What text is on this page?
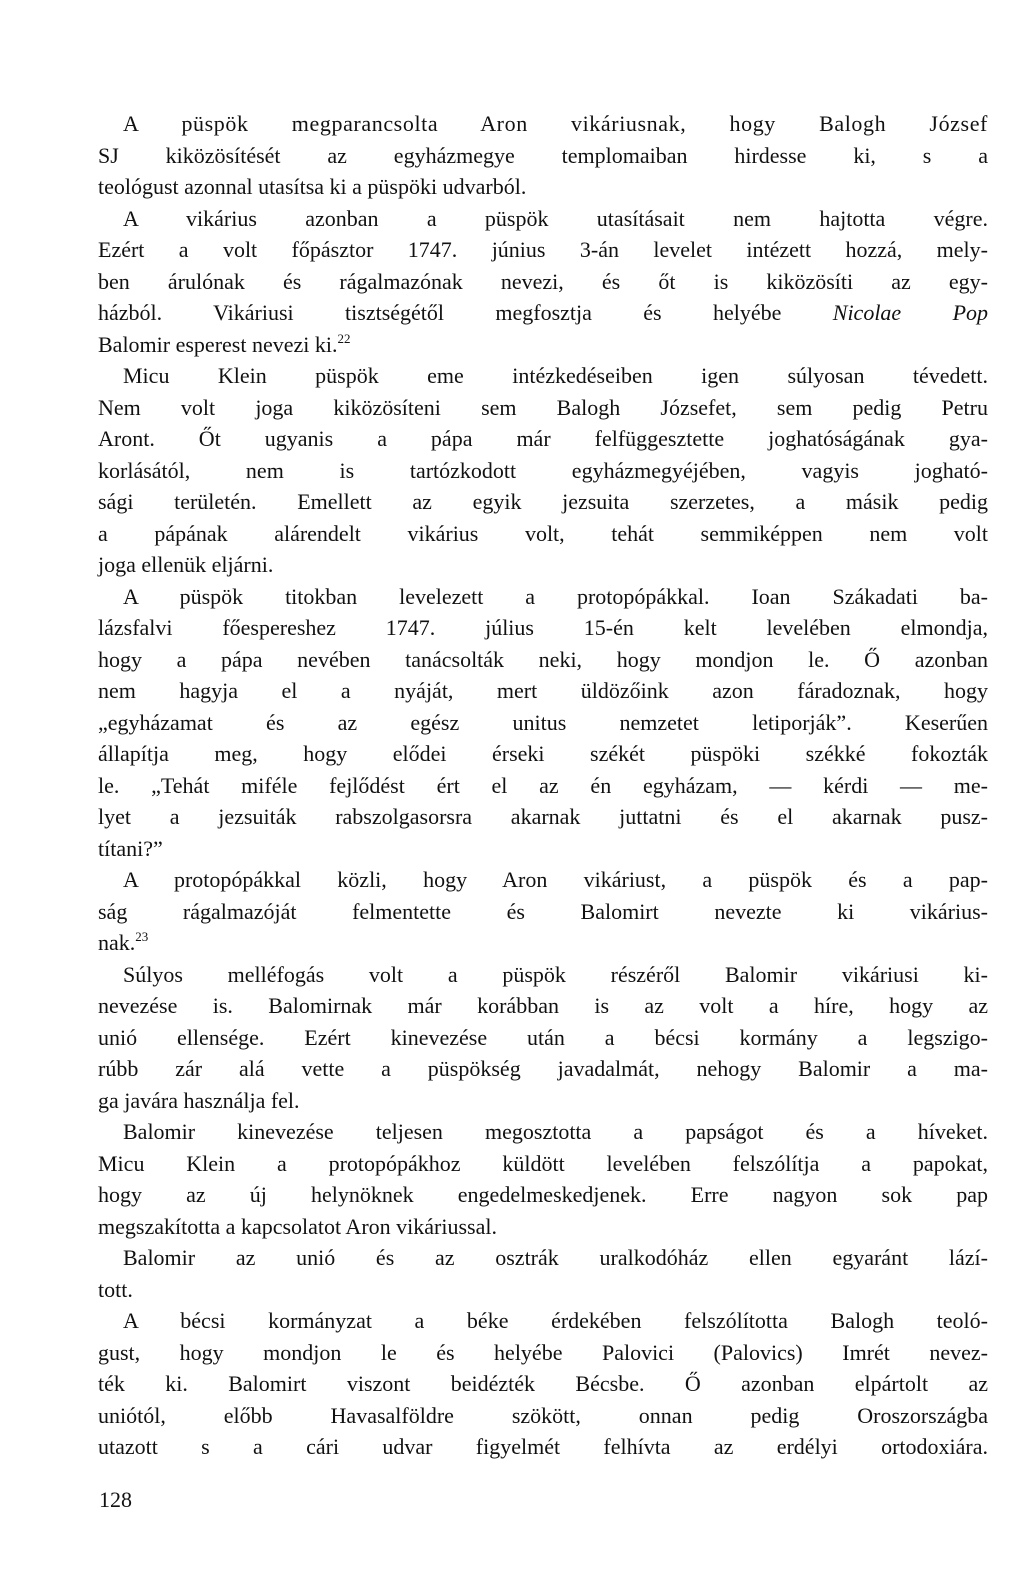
A püspök megparancsolta Aron vikáriusnak, hogy Balogh József
SJ kiközösítését az egyházmegye templomaiban hirdesse ki, s a
teológust azonnal utasítsa ki a püspöki udvarból.
A vikárius azonban a püspök utasításait nem hajtotta végre.
Ezért a volt főpásztor 1747. június 3-án levelet intézett hozzá, mely-
ben árulónak és rágalmazónak nevezi, és őt is kiközösíti az egy-
házból. Vikáriusi tisztségétől megfosztja és helyébe Nicolae Pop
Balomir esperest nevezi ki.$^{22}$
Micu Klein püspök eme intézkedéseiben igen súlyosan tévedett.
Nem volt joga kiközösíteni sem Balogh Józsefet, sem pedig Petru
Aront. Őt ugyanis a pápa már felfüggesztette joghatóságának gya-
korlásától, nem is tartózkodott egyházmegyéjében, vagyis jogható-
sági területén. Emellett az egyik jezsuita szerzetes, a másik pedig
a pápának alárendelt vikárius volt, tehát semmiképpen nem volt
joga ellenük eljárni.
A püspök titokban levelezett a protopópákkal. Ioan Szákadati ba-
lázsfalvi főespereshez 1747. július 15-én kelt levelében elmondja,
hogy a pápa nevében tanácsolták neki, hogy mondjon le. Ő azonban
nem hagyja el a nyáját, mert üldözőink azon fáradoznak, hogy
„egyházamat és az egész unitus nemzetet letiporják”. Keserűen
állapítja meg, hogy elődei érseki székét püspöki székké fokozták
le. „Tehát miféle fejlődést ért el az én egyházam, — kérdi — me-
lyet a jezsuiták rabszolgasorsra akarnak juttatni és el akarnak pusz-
títani?”
A protopópákkal közli, hogy Aron vikáriust, a püspök és a pap-
ság rágalmazóját felmentette és Balomirt nevezte ki vikárius-
nak.$^{23}$
Súlyos melléfogás volt a püspök részéről Balomir vikáriusi ki-
nevezése is. Balomirnak már korábban is az volt a híre, hogy az
unió ellensége. Ezért kinevezése után a bécsi kormány a legszigo-
rúbb zár alá vette a püspökség javadalmát, nehogy Balomir a ma-
ga javára használja fel.
Balomir kinevezése teljesen megosztotta a papságot és a híveket.
Micu Klein a protopópákhoz küldött levelében felszólítja a papokat,
hogy az új helynöknek engedelmeskedjenek. Erre nagyon sok pap
megszakította a kapcsolatot Aron vikáriussal.
Balomir az unió és az osztrák uralkodóház ellen egyaránt lází-
tott.
A bécsi kormányzat a béke érdekében felszólította Balogh teoló-
gust, hogy mondjon le és helyébe Palovici (Palovics) Imrét nevez-
ték ki. Balomirt viszont beidézték Bécsbe. Ő azonban elpártolt az
uniótól, előbb Havasalföldre szökött, onnan pedig Oroszországba
utazott s a cári udvar figyelmét felhívta az erdélyi ortodoxiára.
128
